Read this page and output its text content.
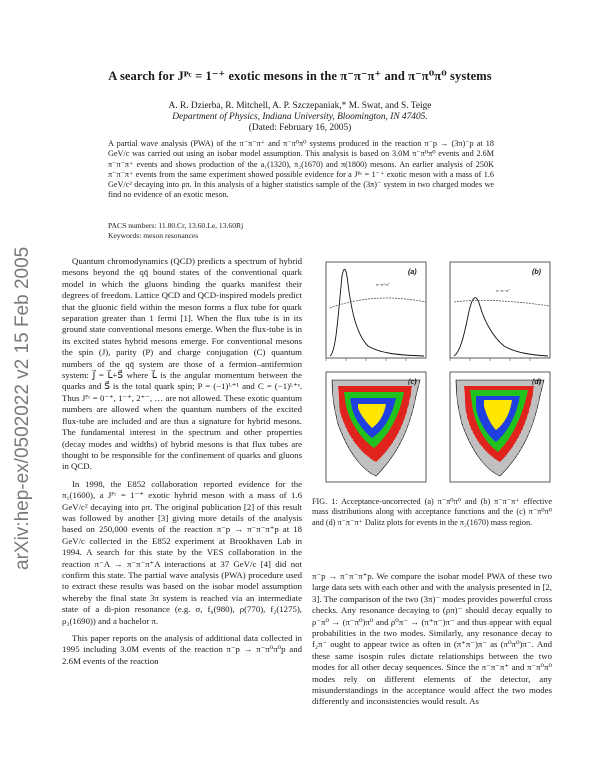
arXiv:hep-ex/0502022 v2 15 Feb 2005
A search for Jᴾᶜ = 1⁻⁺ exotic mesons in the π⁻π⁻π⁺ and π⁻π⁰π⁰ systems
A. R. Dzierba, R. Mitchell, A. P. Szczepaniak,* M. Swat, and S. Teige
Department of Physics, Indiana University, Bloomington, IN 47405.
(Dated: February 16, 2005)
A partial wave analysis (PWA) of the π⁻π⁻π⁺ and π⁻π⁰π⁰ systems produced in the reaction π⁻p → (3π)⁻p at 18 GeV/c was carried out using an isobar model assumption. This analysis is based on 3.0M π⁻π⁰π⁰ events and 2.6M π⁻π⁻π⁺ events and shows production of the a₁(1320), π₂(1670) and π(1800) mesons. An earlier analysis of 250K π⁻π⁻π⁺ events from the same experiment showed possible evidence for a Jᴾᶜ = 1⁻⁺ exotic meson with a mass of 1.6 GeV/c² decaying into ρπ. In this analysis of a higher statistics sample of the (3π)⁻ system in two charged modes we find no evidence of an exotic meson.
PACS numbers: 11.80.Cr, 13.60.Le, 13.60Rj
Keywords: meson resonances

Quantum chromodynamics (QCD) predicts a spectrum of hybrid mesons beyond the qq̄ bound states of the conventional quark model in which the gluons binding the quarks manifest their degrees of freedom. Lattice QCD and QCD-inspired models predict that the gluonic field within the meson forms a flux tube for quark separation greater than 1 fermi [1]. When the flux tube is in its ground state conventional mesons emerge. When the flux-tube is in its excited states hybrid mesons emerge. For conventional mesons the spin (J), parity (P) and charge conjugation (C) quantum numbers of the qq̄ system are those of a fermion–antifermion system: J⃗ = L⃗+S⃗ where L⃗ is the angular momentum between the quarks and S⃗ is the total quark spin; P = (−1)ᴸ⁺¹ and C = (−1)ᴸ⁺ˢ. Thus Jᴾᶜ = 0⁻⁺, 1⁻⁺, 2⁺⁻, … are not allowed. These exotic quantum numbers are allowed when the quantum numbers of the excited flux-tube are included and are thus a signature for hybrid mesons. The fundamental interest in the spectrum and other properties (decay modes and widths) of hybrid mesons is that flux tubes are thought to be responsible for the confinement of quarks and gluons in QCD.

In 1998, the E852 collaboration reported evidence for the π₁(1600), a Jᴾᶜ = 1⁻⁺ exotic hybrid meson with a mass of 1.6 GeV/c² decaying into ρπ. The original publication [2] of this result was followed by another [3] giving more details of the analysis based on 250,000 events of the reaction π⁻p → π⁻π⁻π⁺p at 18 GeV/c collected in the E852 experiment at Brookhaven Lab in 1994. A search for this state by the VES collaboration in the reaction π⁻A → π⁻π⁻π⁺A interactions at 37 GeV/c [4] did not confirm this state. The partial wave analysis (PWA) procedure used to extract these results was based on the isobar model assumption whereby the final state 3π system is reached via an intermediate state of a di-pion resonance (e.g. σ, f₀(980), ρ(770), f₂(1275), ρ₃(1690)) and a bachelor π.

This paper reports on the analysis of additional data collected in 1995 including 3.0M events of the reaction π⁻p → π⁻π⁰π⁰p and 2.6M events of the reaction

(a)
π⁻π⁰π⁰
(b)
π⁻π⁻π⁺
(c)	(d)
FIG. 1: Acceptance-uncorrected (a) π⁻π⁰π⁰ and (b) π⁻π⁻π⁺ effective mass distributions along with acceptance functions and the (c) π⁻π⁰π⁰ and (d) π⁻π⁻π⁺ Dalitz plots for events in the π₂(1670) mass region.

π⁻p → π⁻π⁻π⁺p. We compare the isobar model PWA of these two large data sets with each other and with the analysis presented in [2, 3]. The comparison of the two (3π)⁻ modes provides powerful cross checks. Any resonance decaying to (ρπ)⁻ should decay equally to ρ⁻π⁰ → (π⁻π⁰)π⁰ and ρ⁰π⁻ → (π⁺π⁻)π⁻ and thus appear with equal probabilities in the two modes. Similarly, any resonance decay to f₂π⁻ ought to appear twice as often in (π⁺π⁻)π⁻ as (π⁰π⁰)π⁻. And these same isospin rules dictate relationships between the two modes for all other decay sequences. Since the π⁻π⁻π⁺ and π⁻π⁰π⁰ modes rely on different elements of the detector, any misunderstandings in the acceptance would affect the two modes differently and inconsistencies would result. As
